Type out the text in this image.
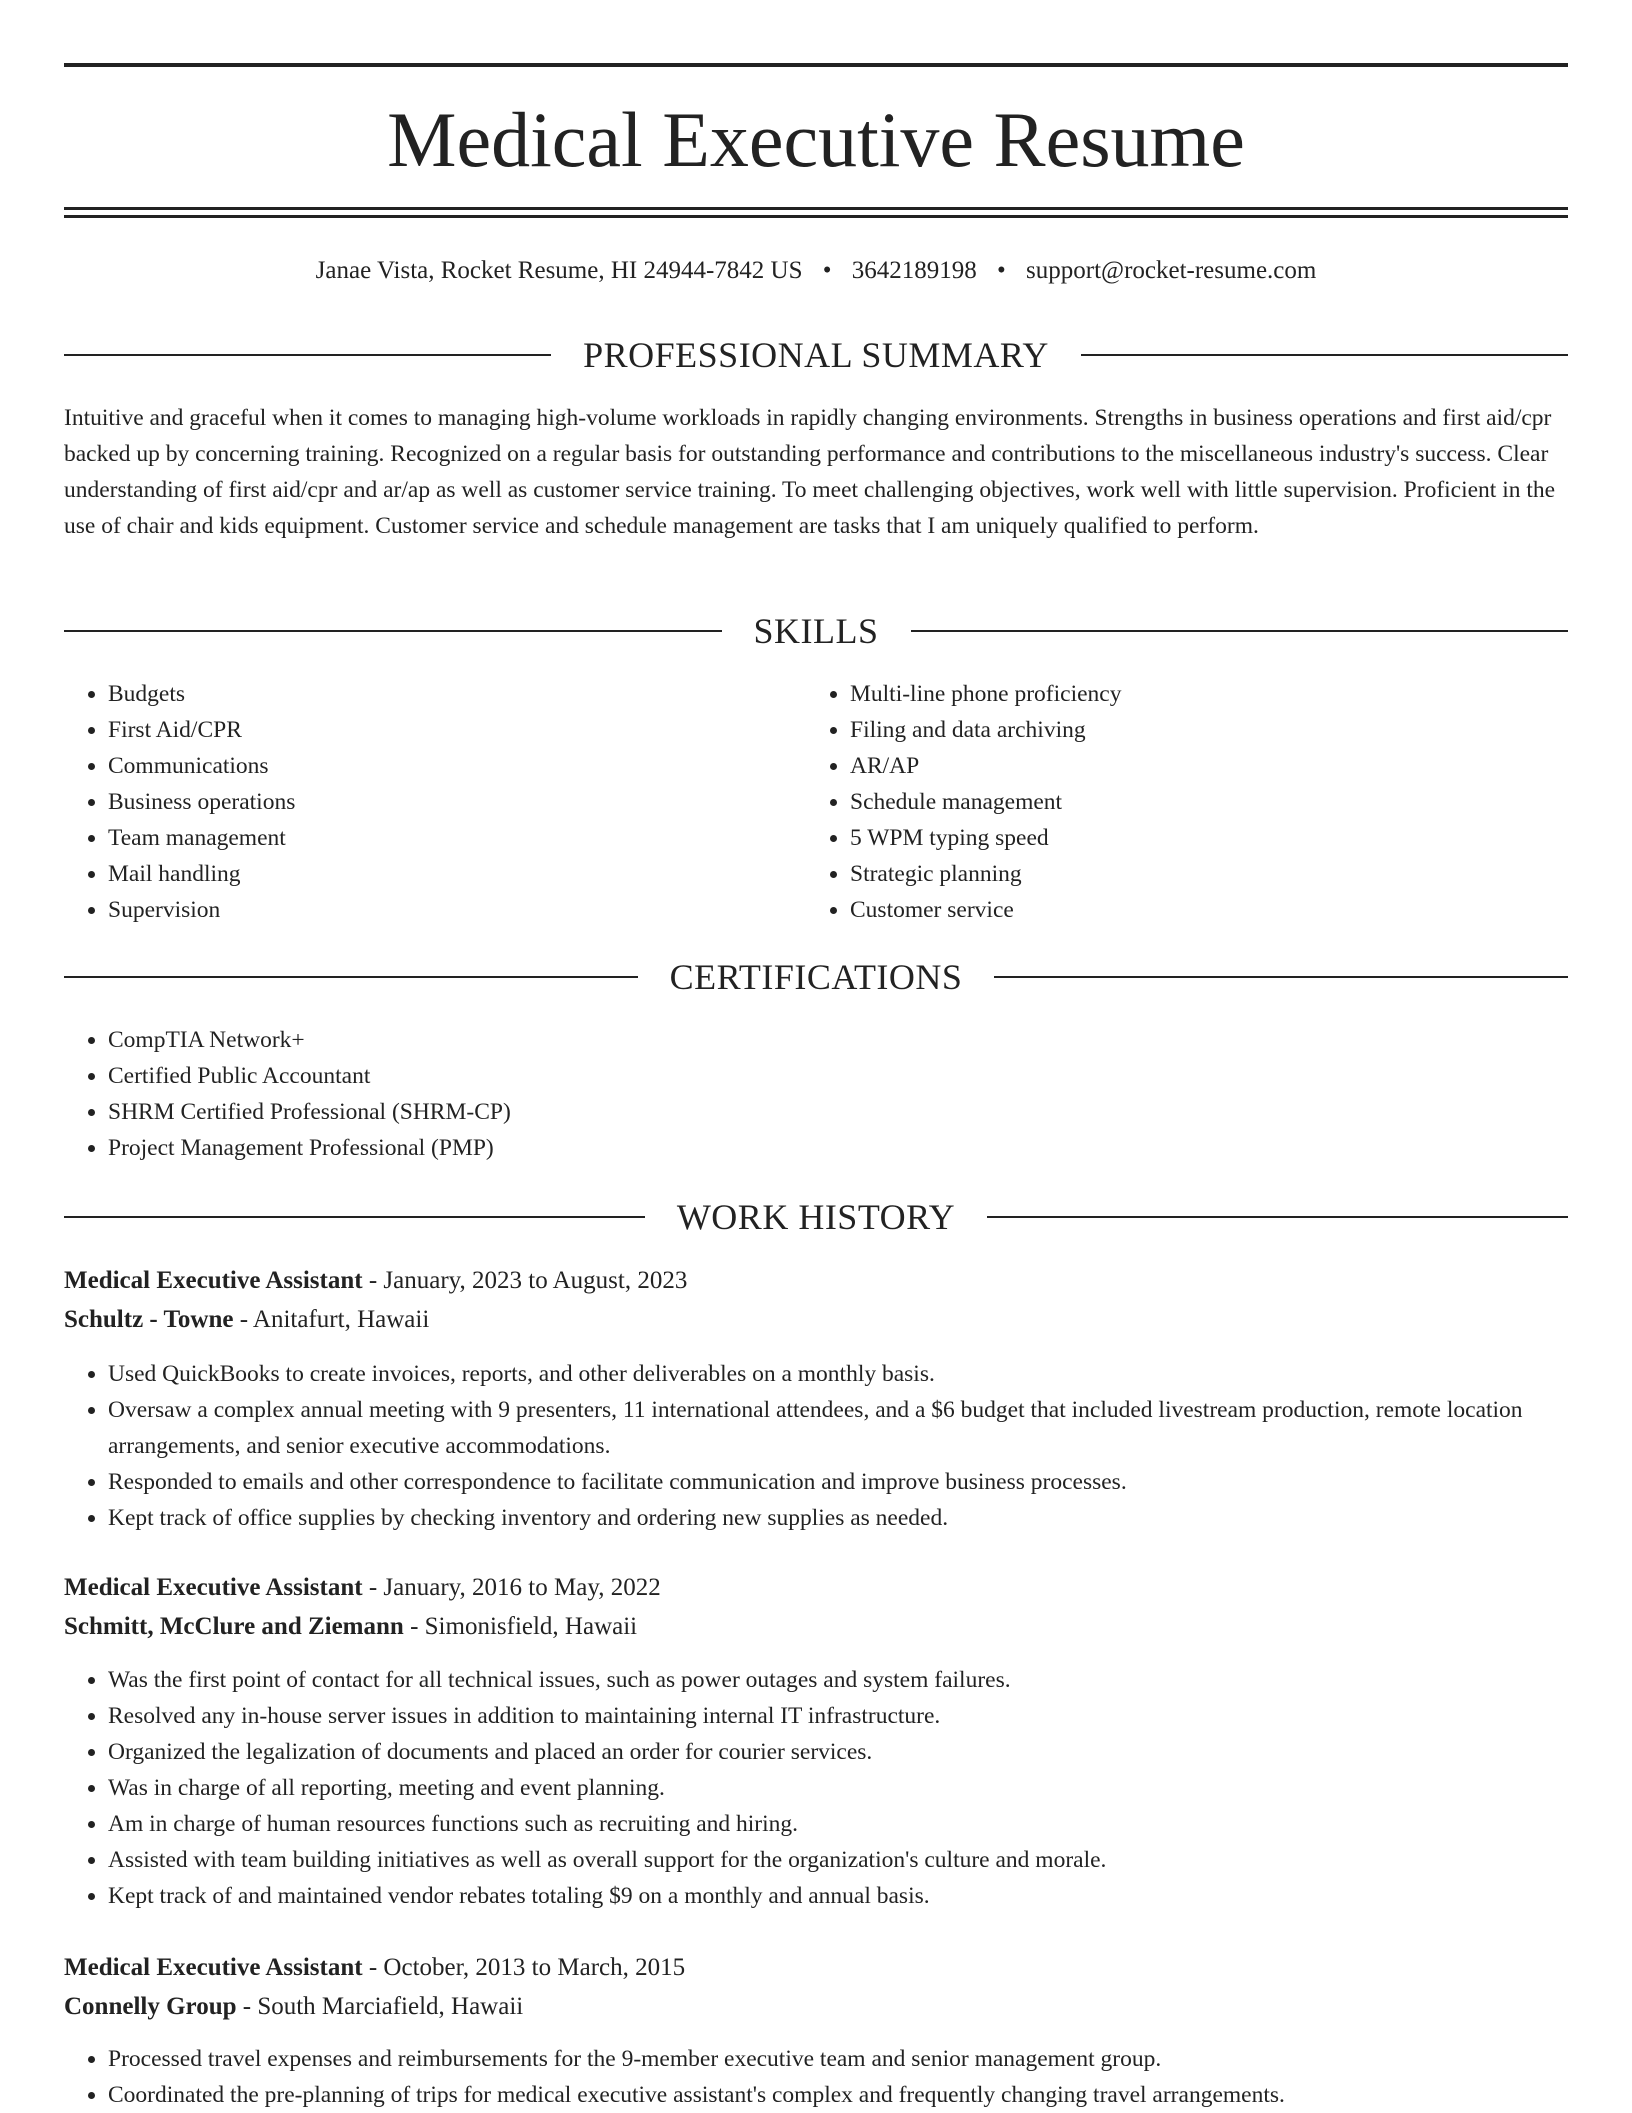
Medical Executive Resume
Janae Vista, Rocket Resume, HI 24944-7842 US • 3642189198 • support@rocket-resume.com
PROFESSIONAL SUMMARY
Intuitive and graceful when it comes to managing high-volume workloads in rapidly changing environments. Strengths in business operations and first aid/cpr backed up by concerning training. Recognized on a regular basis for outstanding performance and contributions to the miscellaneous industry's success. Clear understanding of first aid/cpr and ar/ap as well as customer service training. To meet challenging objectives, work well with little supervision. Proficient in the use of chair and kids equipment. Customer service and schedule management are tasks that I am uniquely qualified to perform.
SKILLS
• Budgets
• First Aid/CPR
• Communications
• Business operations
• Team management
• Mail handling
• Supervision
• Multi-line phone proficiency
• Filing and data archiving
• AR/AP
• Schedule management
• 5 WPM typing speed
• Strategic planning
• Customer service
CERTIFICATIONS
• CompTIA Network+
• Certified Public Accountant
• SHRM Certified Professional (SHRM-CP)
• Project Management Professional (PMP)
WORK HISTORY
Medical Executive Assistant - January, 2023 to August, 2023
Schultz - Towne - Anitafurt, Hawaii
• Used QuickBooks to create invoices, reports, and other deliverables on a monthly basis.
• Oversaw a complex annual meeting with 9 presenters, 11 international attendees, and a $6 budget that included livestream production, remote location arrangements, and senior executive accommodations.
• Responded to emails and other correspondence to facilitate communication and improve business processes.
• Kept track of office supplies by checking inventory and ordering new supplies as needed.
Medical Executive Assistant - January, 2016 to May, 2022
Schmitt, McClure and Ziemann - Simonisfield, Hawaii
• Was the first point of contact for all technical issues, such as power outages and system failures.
• Resolved any in-house server issues in addition to maintaining internal IT infrastructure.
• Organized the legalization of documents and placed an order for courier services.
• Was in charge of all reporting, meeting and event planning.
• Am in charge of human resources functions such as recruiting and hiring.
• Assisted with team building initiatives as well as overall support for the organization's culture and morale.
• Kept track of and maintained vendor rebates totaling $9 on a monthly and annual basis.
Medical Executive Assistant - October, 2013 to March, 2015
Connelly Group - South Marciafield, Hawaii
• Processed travel expenses and reimbursements for the 9-member executive team and senior management group.
• Coordinated the pre-planning of trips for medical executive assistant's complex and frequently changing travel arrangements.
